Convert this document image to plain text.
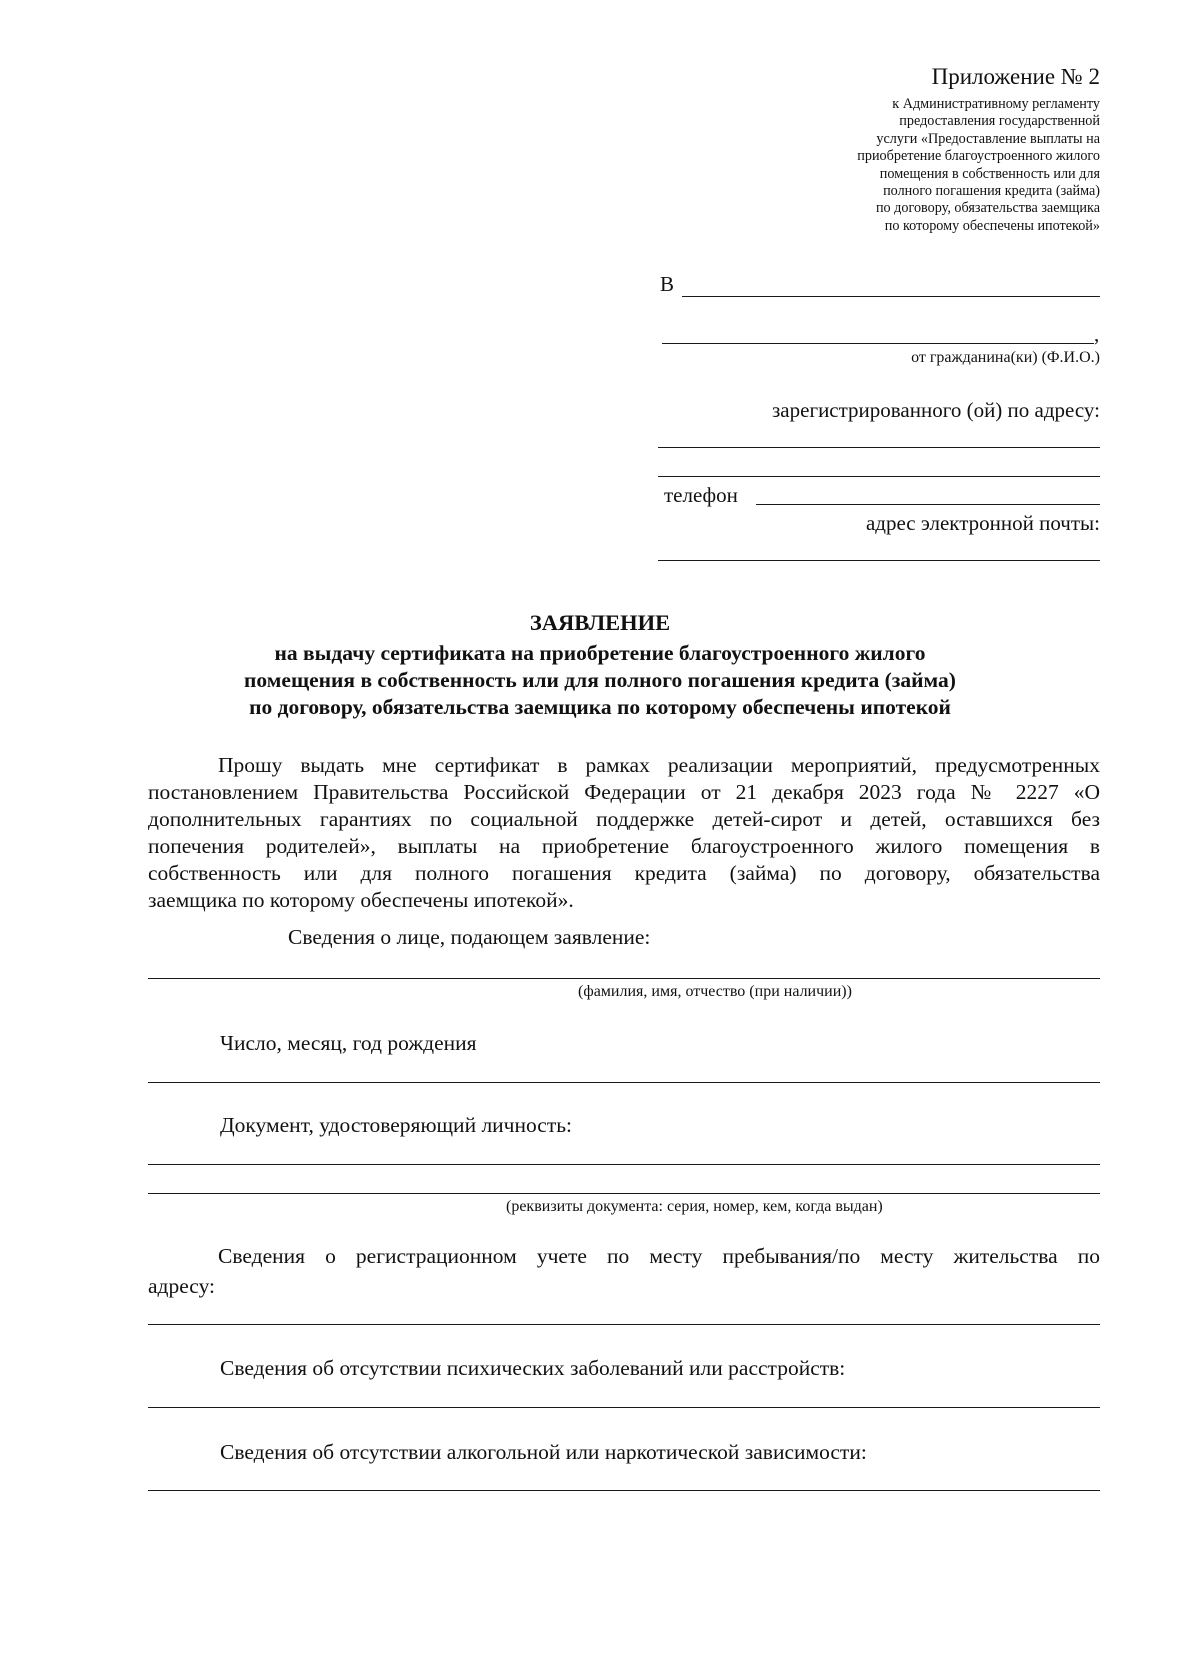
Приложение № 2
к Административному регламенту
предоставления государственной
услуги «Предоставление выплаты на
приобретение благоустроенного жилого
помещения в собственность или для
полного погашения кредита (займа)
по договору, обязательства заемщика
по которому обеспечены ипотекой»
В
,
от гражданина(ки) (Ф.И.О.)
зарегистрированного (ой) по адресу:
телефон
адрес электронной почты:
ЗАЯВЛЕНИЕ
на выдачу сертификата на приобретение благоустроенного жилого
помещения в собственность или для полного погашения кредита (займа)
по договору, обязательства заемщика по которому обеспечены ипотекой
Прошу выдать мне сертификат в рамках реализации мероприятий, предусмотренных
постановлением Правительства Российской Федерации от 21 декабря 2023 года № 2227 «О
дополнительных гарантиях по социальной поддержке детей-сирот и детей, оставшихся без
попечения родителей», выплаты на приобретение благоустроенного жилого помещения в
собственность или для полного погашения кредита (займа) по договору, обязательства
заемщика по которому обеспечены ипотекой».
Сведения о лице, подающем заявление:
(фамилия, имя, отчество (при наличии))
Число, месяц, год рождения
Документ, удостоверяющий личность:
(реквизиты документа: серия, номер, кем, когда выдан)
Сведения о регистрационном учете по месту пребывания/по месту жительства по
адресу:
Сведения об отсутствии психических заболеваний или расстройств:
Сведения об отсутствии алкогольной или наркотической зависимости:
